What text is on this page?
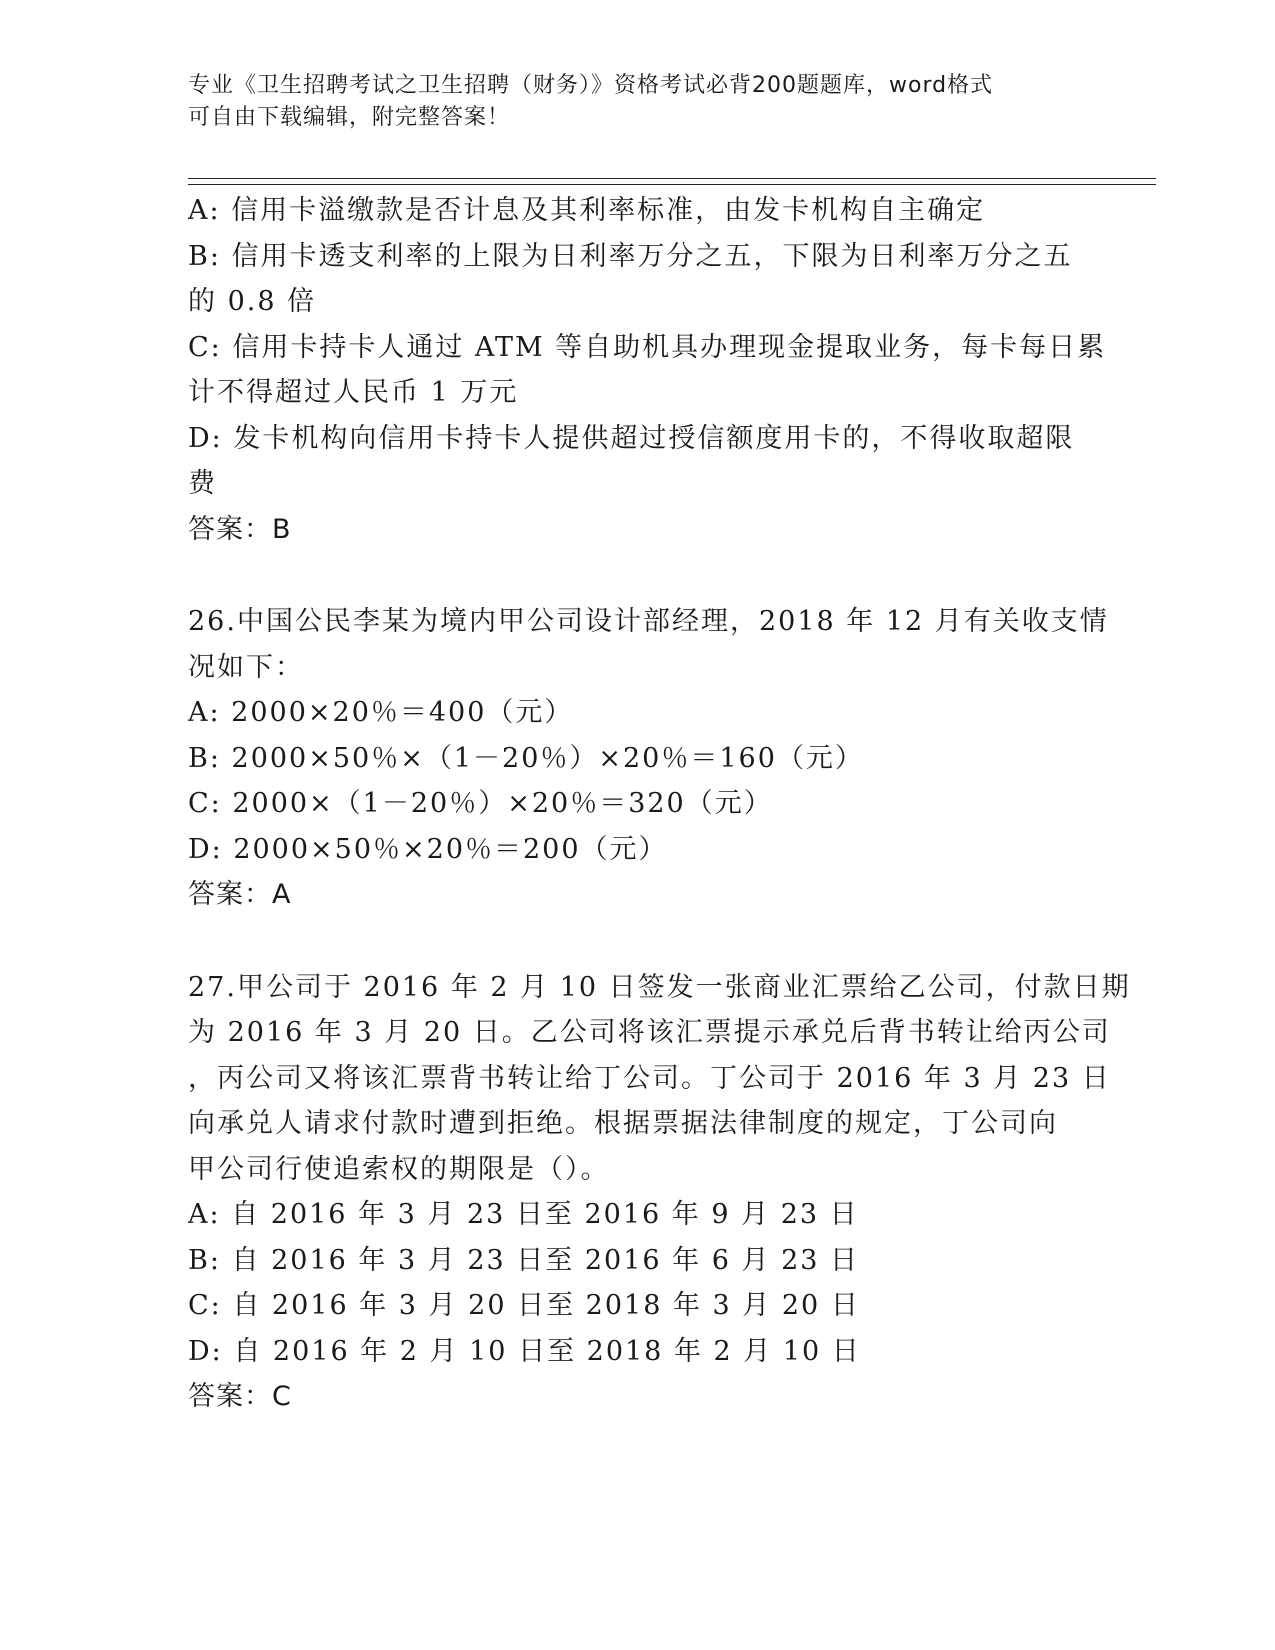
专业《卫生招聘考试之卫生招聘（财务）》资格考试必背200题题库，word格式
可自由下载编辑，附完整答案！
A: 信用卡溢缴款是否计息及其利率标准，由发卡机构自主确定
B: 信用卡透支利率的上限为日利率万分之五，下限为日利率万分之五
的 0.8 倍
C: 信用卡持卡人通过 ATM 等自助机具办理现金提取业务，每卡每日累
计不得超过人民币 1 万元
D: 发卡机构向信用卡持卡人提供超过授信额度用卡的，不得收取超限
费
答案：B
26.中国公民李某为境内甲公司设计部经理，2018 年 12 月有关收支情
况如下：
A: 2000×20％＝400（元）
B: 2000×50％×（1－20％）×20％＝160（元）
C: 2000×（1－20％）×20％＝320（元）
D: 2000×50％×20％＝200（元）
答案：A
27.甲公司于 2016 年 2 月 10 日签发一张商业汇票给乙公司，付款日期
为 2016 年 3 月 20 日。乙公司将该汇票提示承兑后背书转让给丙公司
，丙公司又将该汇票背书转让给丁公司。丁公司于 2016 年 3 月 23 日
向承兑人请求付款时遭到拒绝。根据票据法律制度的规定，丁公司向
甲公司行使追索权的期限是（）。
A: 自 2016 年 3 月 23 日至 2016 年 9 月 23 日
B: 自 2016 年 3 月 23 日至 2016 年 6 月 23 日
C: 自 2016 年 3 月 20 日至 2018 年 3 月 20 日
D: 自 2016 年 2 月 10 日至 2018 年 2 月 10 日
答案：C
